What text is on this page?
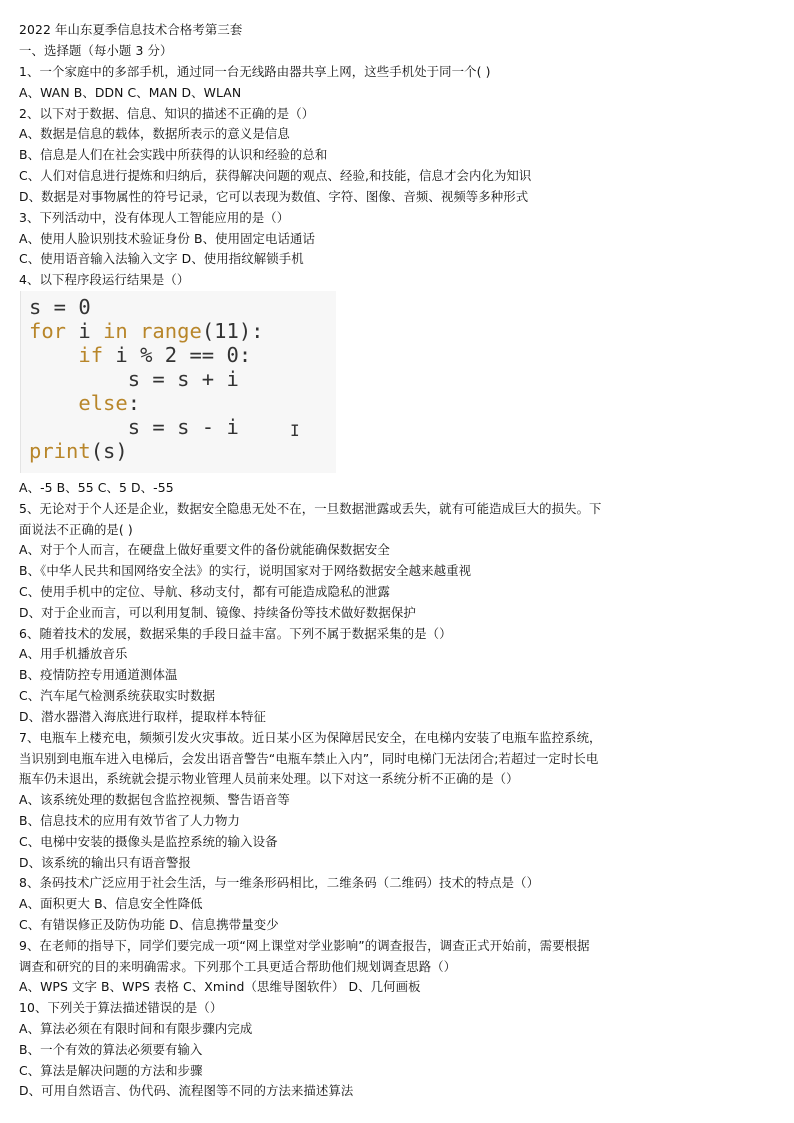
2022 年山东夏季信息技术合格考第三套
一、选择题（每小题 3 分）
1、一个家庭中的多部手机，通过同一台无线路由器共享上网，这些手机处于同一个( )
A、WAN B、DDN C、MAN D、WLAN
2、以下对于数据、信息、知识的描述不正确的是（）
A、数据是信息的载体，数据所表示的意义是信息
B、信息是人们在社会实践中所获得的认识和经验的总和
C、人们对信息进行提炼和归纳后，获得解决问题的观点、经验,和技能，信息才会内化为知识
D、数据是对事物属性的符号记录，它可以表现为数值、字符、图像、音频、视频等多种形式
3、下列活动中，没有体现人工智能应用的是（）
A、使用人脸识别技术验证身份 B、使用固定电话通话
C、使用语音输入法输入文字 D、使用指纹解锁手机
4、以下程序段运行结果是（）
s = 0
for i in range(11):
if i % 2 == 0:
s = s + i
else:
s = s - i	I
print(s)
A、-5 B、55 C、5 D、-55
5、无论对于个人还是企业，数据安全隐患无处不在，一旦数据泄露或丢失，就有可能造成巨大的损失。下
面说法不正确的是( )
A、对于个人而言，在硬盘上做好重要文件的备份就能确保数据安全
B、《中华人民共和国网络安全法》的实行，说明国家对于网络数据安全越来越重视
C、使用手机中的定位、导航、移动支付，都有可能造成隐私的泄露
D、对于企业而言，可以利用复制、镜像、持续备份等技术做好数据保护
6、随着技术的发展，数据采集的手段日益丰富。下列不属于数据采集的是（）
A、用手机播放音乐
B、疫情防控专用通道测体温
C、汽车尾气检测系统获取实时数据
D、潜水器潜入海底进行取样，提取样本特征
7、电瓶车上楼充电，频频引发火灾事故。近日某小区为保障居民安全，在电梯内安装了电瓶车监控系统，
当识别到电瓶车进入电梯后，会发出语音警告“电瓶车禁止入内”，同时电梯门无法闭合;若超过一定时长电
瓶车仍未退出，系统就会提示物业管理人员前来处理。以下对这一系统分析不正确的是（）
A、该系统处理的数据包含监控视频、警告语音等
B、信息技术的应用有效节省了人力物力
C、电梯中安装的摄像头是监控系统的输入设备
D、该系统的输出只有语音警报
8、条码技术广泛应用于社会生活，与一维条形码相比，二维条码（二维码）技术的特点是（）
A、面积更大 B、信息安全性降低
C、有错误修正及防伪功能 D、信息携带量变少
9、在老师的指导下，同学们要完成一项“网上课堂对学业影响”的调查报告，调查正式开始前，需要根据
调查和研究的目的来明确需求。下列那个工具更适合帮助他们规划调查思路（）
A、WPS 文字 B、WPS 表格 C、Xmind（思维导图软件） D、几何画板
10、下列关于算法描述错误的是（）
A、算法必须在有限时间和有限步骤内完成
B、一个有效的算法必须要有输入
C、算法是解决问题的方法和步骤
D、可用自然语言、伪代码、流程图等不同的方法来描述算法
